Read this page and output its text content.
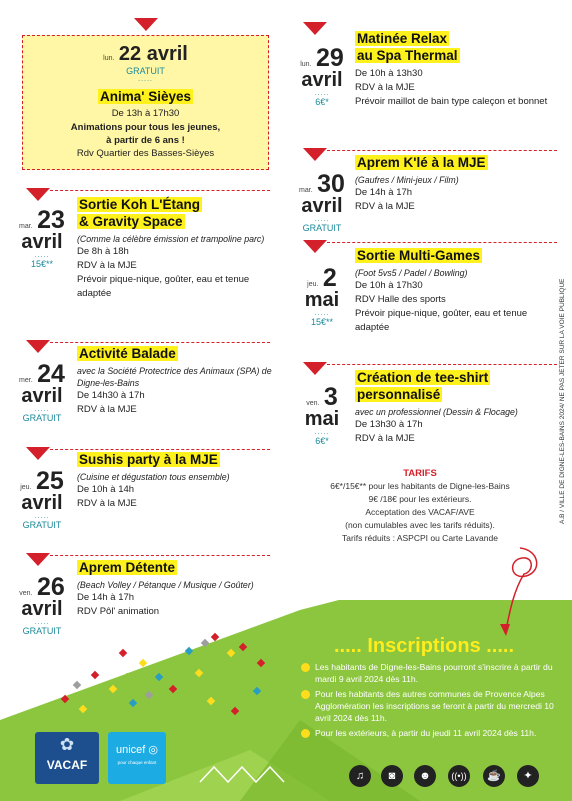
lun. 22 avril
GRATUIT
.....
Anima' Sièyes
De 13h à 17h30
Animations pour tous les jeunes,
à partir de 6 ans !
Rdv Quartier des Basses-Sièyes
mar. 23
avril
.....
15€**
Sortie Koh L'Étang
& Gravity Space
(Comme la célèbre émission et trampoline parc)
De 8h à 18h
RDV à la MJE
Prévoir pique-nique, goûter, eau et tenue adaptée
mer. 24
avril
.....
GRATUIT
Activité Balade
avec la Société Protectrice des Animaux (SPA) de Digne-les-Bains
De 14h30 à 17h
RDV à la MJE
jeu. 25
avril
.....
GRATUIT
Sushis party à la MJE
(Cuisine et dégustation tous ensemble)
De 10h à 14h
RDV à la MJE
ven. 26
avril
.....
GRATUIT
Aprem Détente
(Beach Volley / Pétanque / Musique / Goûter)
De 14h à 17h
RDV Pôl' animation
lun. 29
avril
.....
6€*
Matinée Relax
au Spa Thermal
De 10h à 13h30
RDV à la MJE
Prévoir maillot de bain type caleçon et bonnet
mar. 30
avril
.....
GRATUIT
Aprem K'lé à la MJE
(Gaufres / Mini-jeux / Film)
De 14h à 17h
RDV à la MJE
jeu. 2
mai
.....
15€**
Sortie Multi-Games
(Foot 5vs5 / Padel / Bowling)
De 10h à 17h30
RDV Halle des sports
Prévoir pique-nique, goûter, eau et tenue adaptée
ven. 3
mai
.....
6€*
Création de tee-shirt
personnalisé
avec un professionnel (Dessin & Flocage)
De 13h30 à 17h
RDV à la MJE
TARIFS
6€*/15€** pour les habitants de Digne-les-Bains
9€ /18€ pour les extérieurs.
Acceptation des VACAF/AVE
(non cumulables avec les tarifs réduits).
Tarifs réduits : ASPCPI ou Carte Lavande
..... Inscriptions .....
Les habitants de Digne-les-Bains pourront s'inscrire à partir du mardi 9 avril 2024 dès 11h.
Pour les habitants des autres communes de Provence Alpes Agglomération les inscriptions se feront à partir du mercredi 10 avril 2024 dès 11h.
Pour les extérieurs, à partir du jeudi 11 avril 2024 dès 11h.
✿
VACAF
unicef ◎
pour chaque enfant
♫	◙	☻	((•))	☕	✦
A.B / VILLE DE DIGNE-LES-BAINS 2024/ NE PAS JETER SUR LA VOIE PUBLIQUE
